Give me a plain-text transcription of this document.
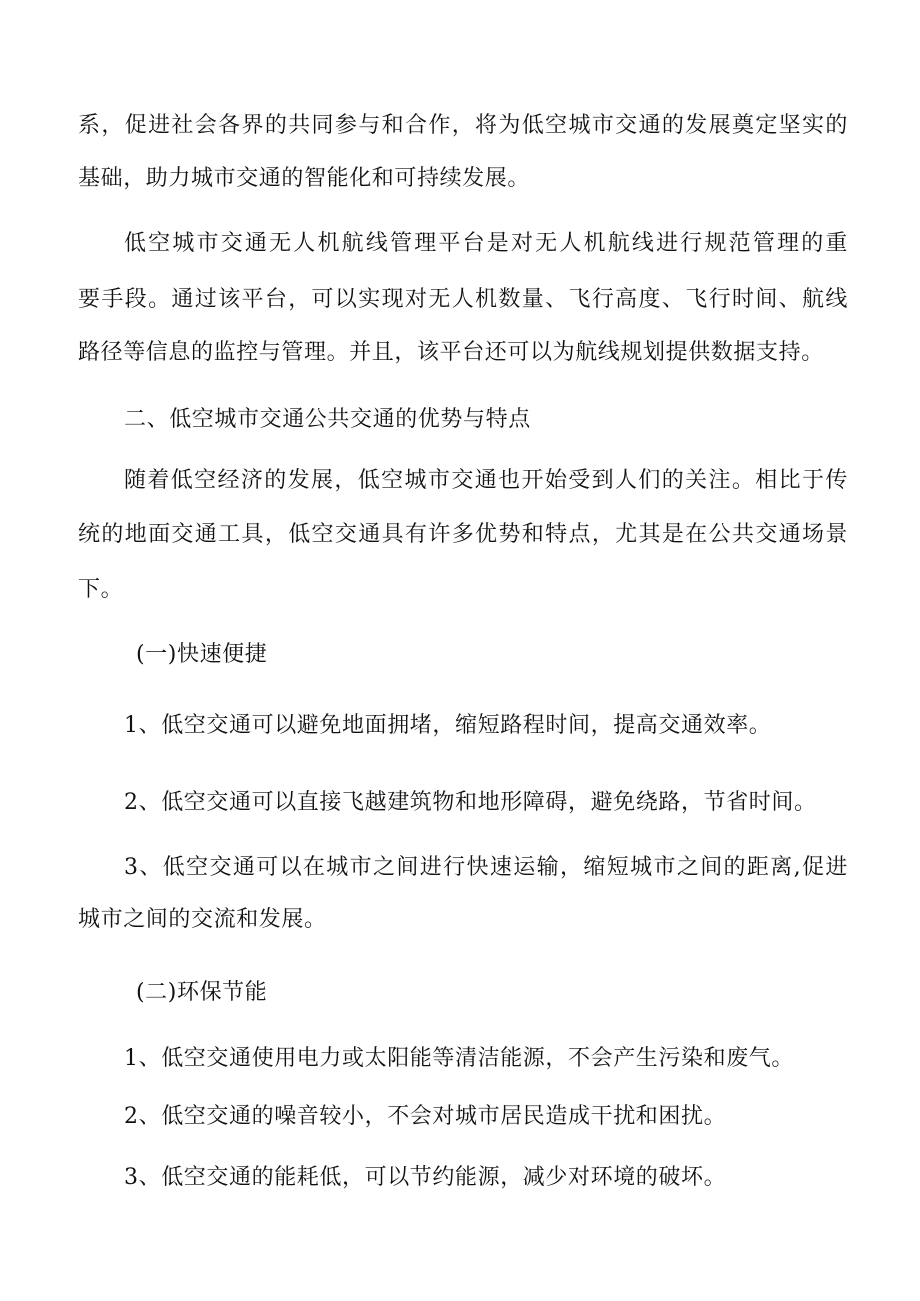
系，促进社会各界的共同参与和合作，将为低空城市交通的发展奠定坚实的
基础，助力城市交通的智能化和可持续发展。
低空城市交通无人机航线管理平台是对无人机航线进行规范管理的重
要手段。通过该平台，可以实现对无人机数量、飞行高度、飞行时间、航线
路径等信息的监控与管理。并且，该平台还可以为航线规划提供数据支持。
二、低空城市交通公共交通的优势与特点
随着低空经济的发展，低空城市交通也开始受到人们的关注。相比于传
统的地面交通工具，低空交通具有许多优势和特点，尤其是在公共交通场景
下。
(一)快速便捷
1、低空交通可以避免地面拥堵，缩短路程时间，提高交通效率。
2、低空交通可以直接飞越建筑物和地形障碍，避免绕路，节省时间。
3、低空交通可以在城市之间进行快速运输，缩短城市之间的距离,促进
城市之间的交流和发展。
(二)环保节能
1、低空交通使用电力或太阳能等清洁能源，不会产生污染和废气。
2、低空交通的噪音较小，不会对城市居民造成干扰和困扰。
3、低空交通的能耗低，可以节约能源，减少对环境的破坏。
